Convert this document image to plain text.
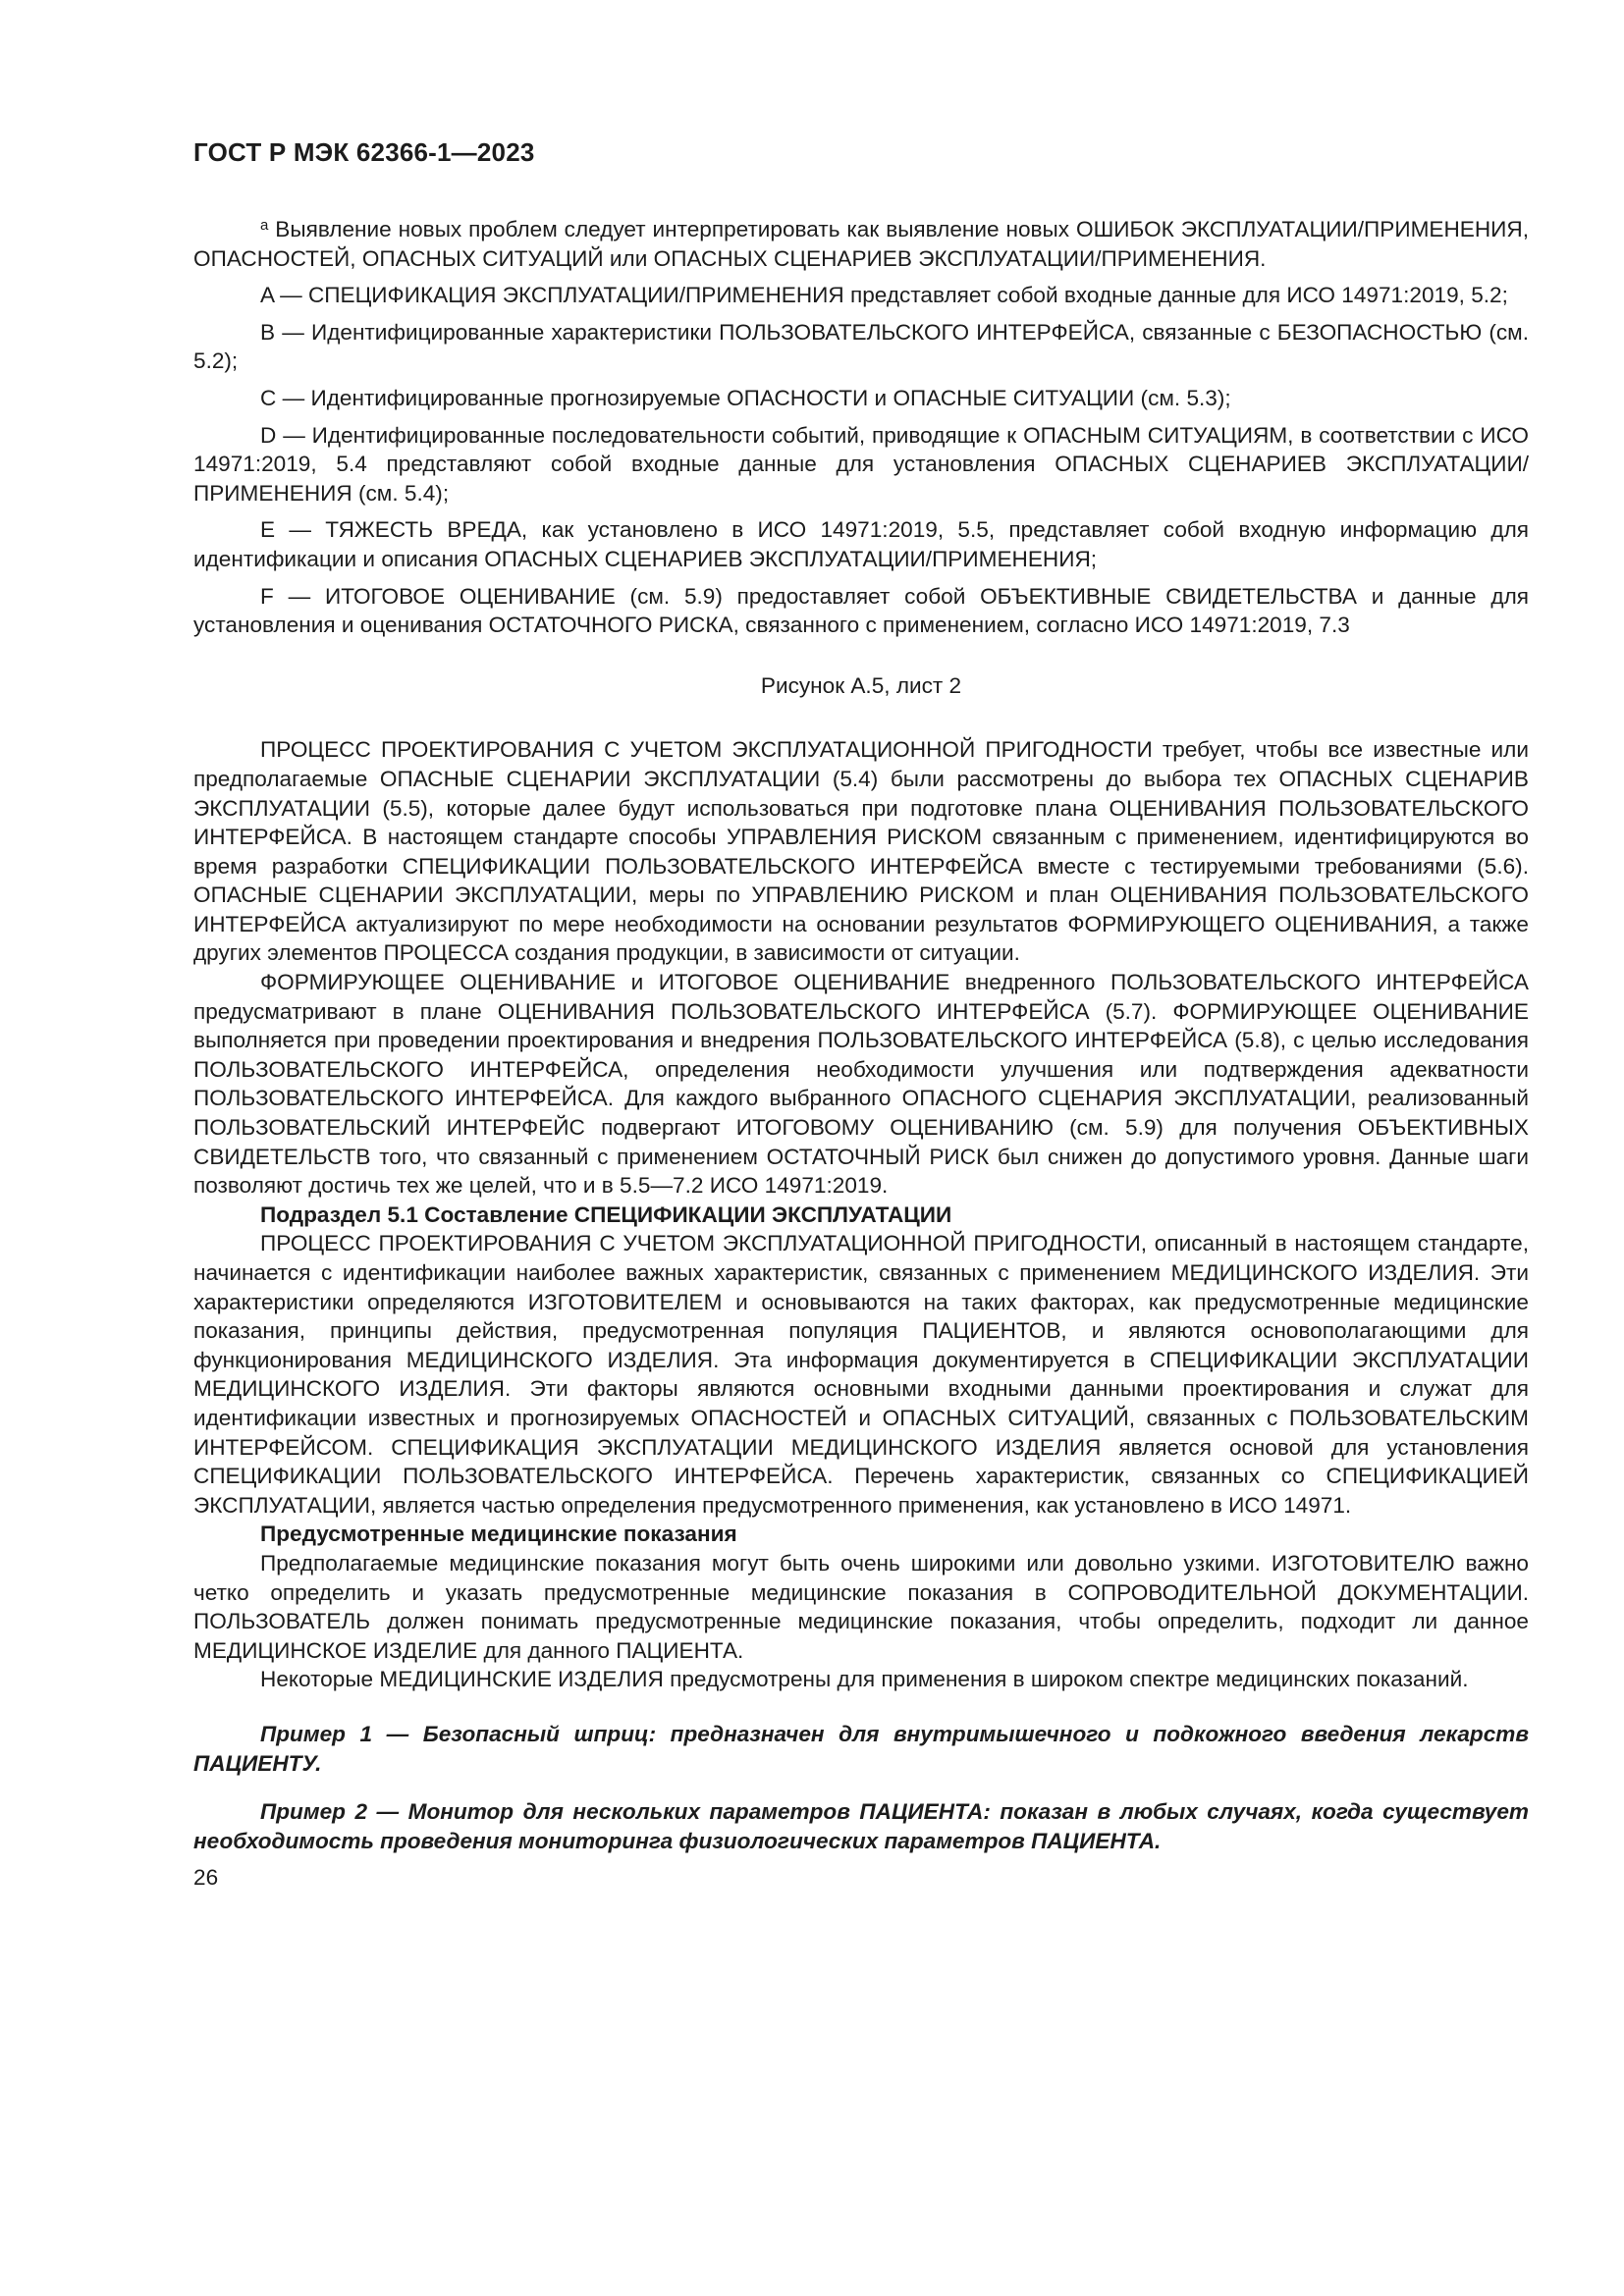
ГОСТ Р МЭК 62366-1—2023

$^a$ Выявление новых проблем следует интерпретировать как выявление новых ОШИБОК ЭКСПЛУАТАЦИИ/ПРИМЕНЕНИЯ, ОПАСНОСТЕЙ, ОПАСНЫХ СИТУАЦИЙ или ОПАСНЫХ СЦЕНАРИЕВ ЭКСПЛУАТАЦИИ/ПРИМЕНЕНИЯ.

A — СПЕЦИФИКАЦИЯ ЭКСПЛУАТАЦИИ/ПРИМЕНЕНИЯ представляет собой входные данные для ИСО 14971:2019, 5.2;

B — Идентифицированные характеристики ПОЛЬЗОВАТЕЛЬСКОГО ИНТЕРФЕЙСА, связанные с БЕЗОПАСНОСТЬЮ (см. 5.2);

C — Идентифицированные прогнозируемые ОПАСНОСТИ и ОПАСНЫЕ СИТУАЦИИ (см. 5.3);

D — Идентифицированные последовательности событий, приводящие к ОПАСНЫМ СИТУАЦИЯМ, в соответствии с ИСО 14971:2019, 5.4 представляют собой входные данные для установления ОПАСНЫХ СЦЕНАРИЕВ ЭКСПЛУАТАЦИИ/ПРИМЕНЕНИЯ (см. 5.4);

E — ТЯЖЕСТЬ ВРЕДА, как установлено в ИСО 14971:2019, 5.5, представляет собой входную информацию для идентификации и описания ОПАСНЫХ СЦЕНАРИЕВ ЭКСПЛУАТАЦИИ/ПРИМЕНЕНИЯ;

F — ИТОГОВОЕ ОЦЕНИВАНИЕ (см. 5.9) предоставляет собой ОБЪЕКТИВНЫЕ СВИДЕТЕЛЬСТВА и данные для установления и оценивания ОСТАТОЧНОГО РИСКА, связанного с применением, согласно ИСО 14971:2019, 7.3

Рисунок А.5, лист 2

ПРОЦЕСС ПРОЕКТИРОВАНИЯ С УЧЕТОМ ЭКСПЛУАТАЦИОННОЙ ПРИГОДНОСТИ требует, чтобы все известные или предполагаемые ОПАСНЫЕ СЦЕНАРИИ ЭКСПЛУАТАЦИИ (5.4) были рассмотрены до выбора тех ОПАСНЫХ СЦЕНАРИВ ЭКСПЛУАТАЦИИ (5.5), которые далее будут использоваться при подготовке плана ОЦЕНИВАНИЯ ПОЛЬЗОВАТЕЛЬСКОГО ИНТЕРФЕЙСА. В настоящем стандарте способы УПРАВЛЕНИЯ РИСКОМ связанным с применением, идентифицируются во время разработки СПЕЦИФИКАЦИИ ПОЛЬЗОВАТЕЛЬСКОГО ИНТЕРФЕЙСА вместе с тестируемыми требованиями (5.6). ОПАСНЫЕ СЦЕНАРИИ ЭКСПЛУАТАЦИИ, меры по УПРАВЛЕНИЮ РИСКОМ и план ОЦЕНИВАНИЯ ПОЛЬЗОВАТЕЛЬСКОГО ИНТЕРФЕЙСА актуализируют по мере необходимости на основании результатов ФОРМИРУЮЩЕГО ОЦЕНИВАНИЯ, а также других элементов ПРОЦЕССА создания продукции, в зависимости от ситуации.

ФОРМИРУЮЩЕЕ ОЦЕНИВАНИЕ и ИТОГОВОЕ ОЦЕНИВАНИЕ внедренного ПОЛЬЗОВАТЕЛЬСКОГО ИНТЕРФЕЙСА предусматривают в плане ОЦЕНИВАНИЯ ПОЛЬЗОВАТЕЛЬСКОГО ИНТЕРФЕЙСА (5.7). ФОРМИРУЮЩЕЕ ОЦЕНИВАНИЕ выполняется при проведении проектирования и внедрения ПОЛЬЗОВАТЕЛЬСКОГО ИНТЕРФЕЙСА (5.8), с целью исследования ПОЛЬЗОВАТЕЛЬСКОГО ИНТЕРФЕЙСА, определения необходимости улучшения или подтверждения адекватности ПОЛЬЗОВАТЕЛЬСКОГО ИНТЕРФЕЙСА. Для каждого выбранного ОПАСНОГО СЦЕНАРИЯ ЭКСПЛУАТАЦИИ, реализованный ПОЛЬЗОВАТЕЛЬСКИЙ ИНТЕРФЕЙС подвергают ИТОГОВОМУ ОЦЕНИВАНИЮ (см. 5.9) для получения ОБЪЕКТИВНЫХ СВИДЕТЕЛЬСТВ того, что связанный с применением ОСТАТОЧНЫЙ РИСК был снижен до допустимого уровня. Данные шаги позволяют достичь тех же целей, что и в 5.5—7.2 ИСО 14971:2019.

Подраздел 5.1 Составление СПЕЦИФИКАЦИИ ЭКСПЛУАТАЦИИ

ПРОЦЕСС ПРОЕКТИРОВАНИЯ С УЧЕТОМ ЭКСПЛУАТАЦИОННОЙ ПРИГОДНОСТИ, описанный в настоящем стандарте, начинается с идентификации наиболее важных характеристик, связанных с применением МЕДИЦИНСКОГО ИЗДЕЛИЯ. Эти характеристики определяются ИЗГОТОВИТЕЛЕМ и основываются на таких факторах, как предусмотренные медицинские показания, принципы действия, предусмотренная популяция ПАЦИЕНТОВ, и являются основополагающими для функционирования МЕДИЦИНСКОГО ИЗДЕЛИЯ. Эта информация документируется в СПЕЦИФИКАЦИИ ЭКСПЛУАТАЦИИ МЕДИЦИНСКОГО ИЗДЕЛИЯ. Эти факторы являются основными входными данными проектирования и служат для идентификации известных и прогнозируемых ОПАСНОСТЕЙ и ОПАСНЫХ СИТУАЦИЙ, связанных с ПОЛЬЗОВАТЕЛЬСКИМ ИНТЕРФЕЙСОМ. СПЕЦИФИКАЦИЯ ЭКСПЛУАТАЦИИ МЕДИЦИНСКОГО ИЗДЕЛИЯ является основой для установления СПЕЦИФИКАЦИИ ПОЛЬЗОВАТЕЛЬСКОГО ИНТЕРФЕЙСА. Перечень характеристик, связанных со СПЕЦИФИКАЦИЕЙ ЭКСПЛУАТАЦИИ, является частью определения предусмотренного применения, как установлено в ИСО 14971.

Предусмотренные медицинские показания

Предполагаемые медицинские показания могут быть очень широкими или довольно узкими. ИЗГОТОВИТЕЛЮ важно четко определить и указать предусмотренные медицинские показания в СОПРОВОДИТЕЛЬНОЙ ДОКУМЕНТАЦИИ. ПОЛЬЗОВАТЕЛЬ должен понимать предусмотренные медицинские показания, чтобы определить, подходит ли данное МЕДИЦИНСКОЕ ИЗДЕЛИЕ для данного ПАЦИЕНТА.

Некоторые МЕДИЦИНСКИЕ ИЗДЕЛИЯ предусмотрены для применения в широком спектре медицинских показаний.

Пример 1 — Безопасный шприц: предназначен для внутримышечного и подкожного введения лекарств ПАЦИЕНТУ.

Пример 2 — Монитор для нескольких параметров ПАЦИЕНТА: показан в любых случаях, когда существует необходимость проведения мониторинга физиологических параметров ПАЦИЕНТА.

26
